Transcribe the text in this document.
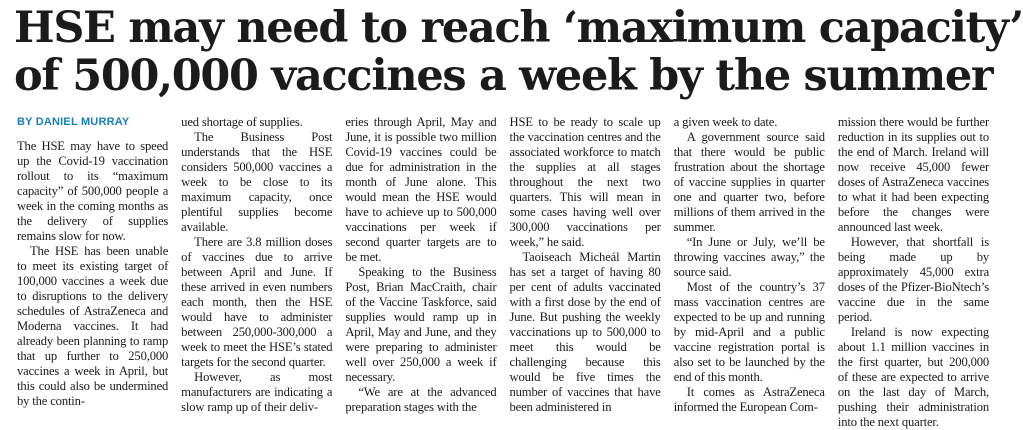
HSE may need to reach ‘maximum capacity’
of 500,000 vaccines a week by the summer
BY DANIEL MURRAY

The HSE may have to speed up the Covid-19 vaccination rollout to its “maximum capacity” of 500,000 people a week in the coming months as the delivery of supplies remains slow for now.

The HSE has been unable to meet its existing target of 100,000 vaccines a week due to disruptions to the delivery schedules of AstraZeneca and Moderna vaccines. It had already been planning to ramp that up further to 250,000 vaccines a week in April, but this could also be undermined by the contin-

ued shortage of supplies.

The Business Post understands that the HSE considers 500,000 vaccines a week to be close to its maximum capacity, once plentiful supplies become available.

There are 3.8 million doses of vaccines due to arrive between April and June. If these arrived in even numbers each month, then the HSE would have to administer between 250,000-300,000 a week to meet the HSE’s stated targets for the second quarter.

However, as most manufacturers are indicating a slow ramp up of their deliv-

eries through April, May and June, it is possible two million Covid-19 vaccines could be due for administration in the month of June alone. This would mean the HSE would have to achieve up to 500,000 vaccinations per week if second quarter targets are to be met.

Speaking to the Business Post, Brian MacCraith, chair of the Vaccine Taskforce, said supplies would ramp up in April, May and June, and they were preparing to administer well over 250,000 a week if necessary.

“We are at the advanced preparation stages with the

HSE to be ready to scale up the vaccination centres and the associated workforce to match the supplies at all stages throughout the next two quarters. This will mean in some cases having well over 300,000 vaccinations per week,” he said.

Taoiseach Micheál Martin has set a target of having 80 per cent of adults vaccinated with a first dose by the end of June. But pushing the weekly vaccinations up to 500,000 to meet this would be challenging because this would be five times the number of vaccines that have been administered in

a given week to date.

A government source said that there would be public frustration about the shortage of vaccine supplies in quarter one and quarter two, before millions of them arrived in the summer.

“In June or July, we’ll be throwing vaccines away,” the source said.

Most of the country’s 37 mass vaccination centres are expected to be up and running by mid-April and a public vaccine registration portal is also set to be launched by the end of this month.

It comes as AstraZeneca informed the European Com-

mission there would be further reduction in its supplies out to the end of March. Ireland will now receive 45,000 fewer doses of AstraZeneca vaccines to what it had been expecting before the changes were announced last week.

However, that shortfall is being made up by approximately 45,000 extra doses of the Pfizer-BioNtech’s vaccine due in the same period.

Ireland is now expecting about 1.1 million vaccines in the first quarter, but 200,000 of these are expected to arrive on the last day of March, pushing their administration into the next quarter.
